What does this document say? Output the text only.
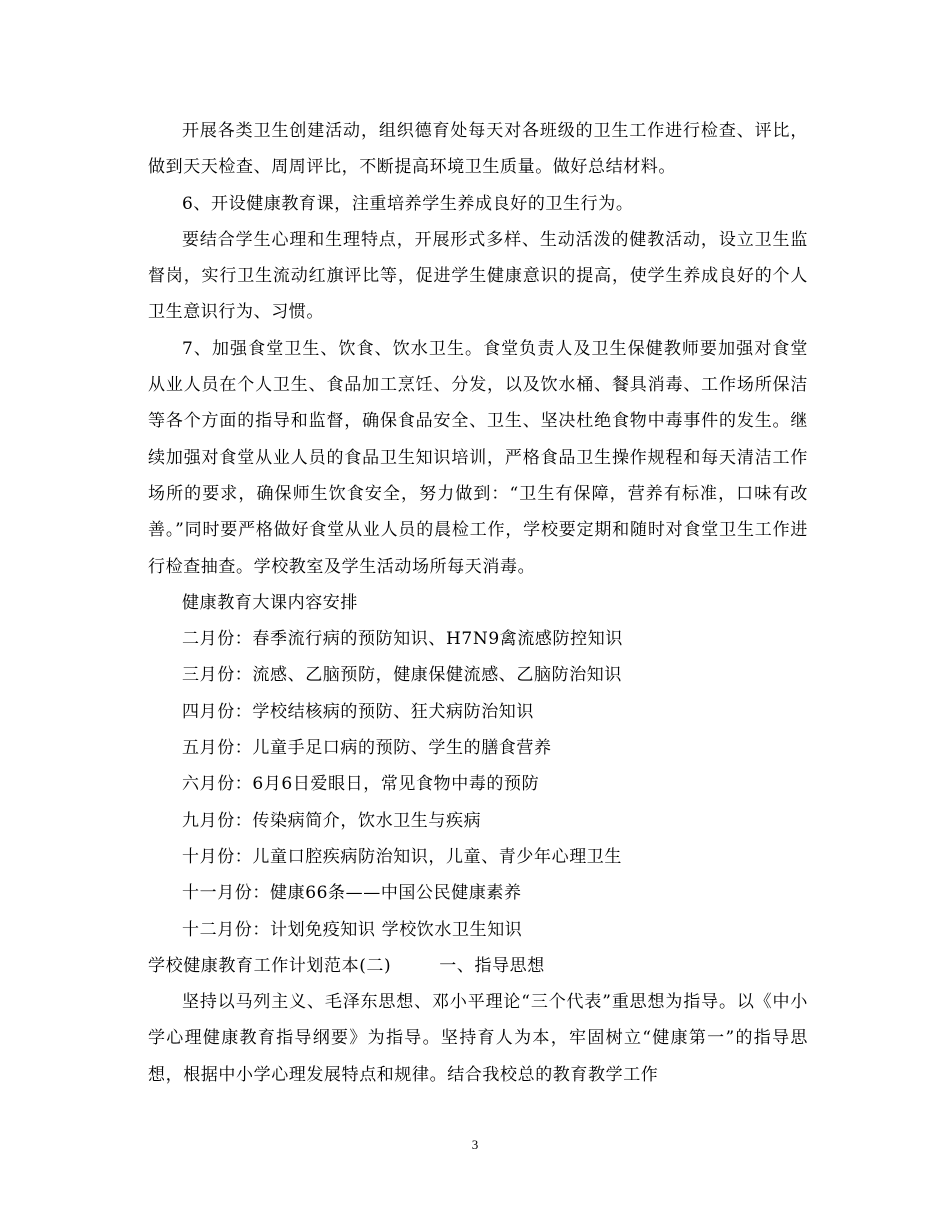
开展各类卫生创建活动，组织德育处每天对各班级的卫生工作进行检查、评比，做到天天检查、周周评比，不断提高环境卫生质量。做好总结材料。

6、开设健康教育课，注重培养学生养成良好的卫生行为。

要结合学生心理和生理特点，开展形式多样、生动活泼的健教活动，设立卫生监督岗，实行卫生流动红旗评比等，促进学生健康意识的提高，使学生养成良好的个人卫生意识行为、习惯。

7、加强食堂卫生、饮食、饮水卫生。食堂负责人及卫生保健教师要加强对食堂从业人员在个人卫生、食品加工烹饪、分发，以及饮水桶、餐具消毒、工作场所保洁等各个方面的指导和监督，确保食品安全、卫生、坚决杜绝食物中毒事件的发生。继续加强对食堂从业人员的食品卫生知识培训，严格食品卫生操作规程和每天清洁工作场所的要求，确保师生饮食安全，努力做到：“卫生有保障，营养有标准，口味有改善。”同时要严格做好食堂从业人员的晨检工作，学校要定期和随时对食堂卫生工作进行检查抽查。学校教室及学生活动场所每天消毒。

健康教育大课内容安排

二月份：春季流行病的预防知识、H7N9禽流感防控知识

三月份：流感、乙脑预防，健康保健流感、乙脑防治知识

四月份：学校结核病的预防、狂犬病防治知识

五月份：儿童手足口病的预防、学生的膳食营养

六月份：6月6日爱眼日，常见食物中毒的预防

九月份：传染病简介，饮水卫生与疾病

十月份：儿童口腔疾病防治知识，儿童、青少年心理卫生

十一月份：健康66条——中国公民健康素养

十二月份：计划免疫知识 学校饮水卫生知识

学校健康教育工作计划范本(二)	一、指导思想

坚持以马列主义、毛泽东思想、邓小平理论“三个代表”重思想为指导。以《中小学心理健康教育指导纲要》为指导。坚持育人为本，牢固树立“健康第一”的指导思想，根据中小学心理发展特点和规律。结合我校总的教育教学工作

3
